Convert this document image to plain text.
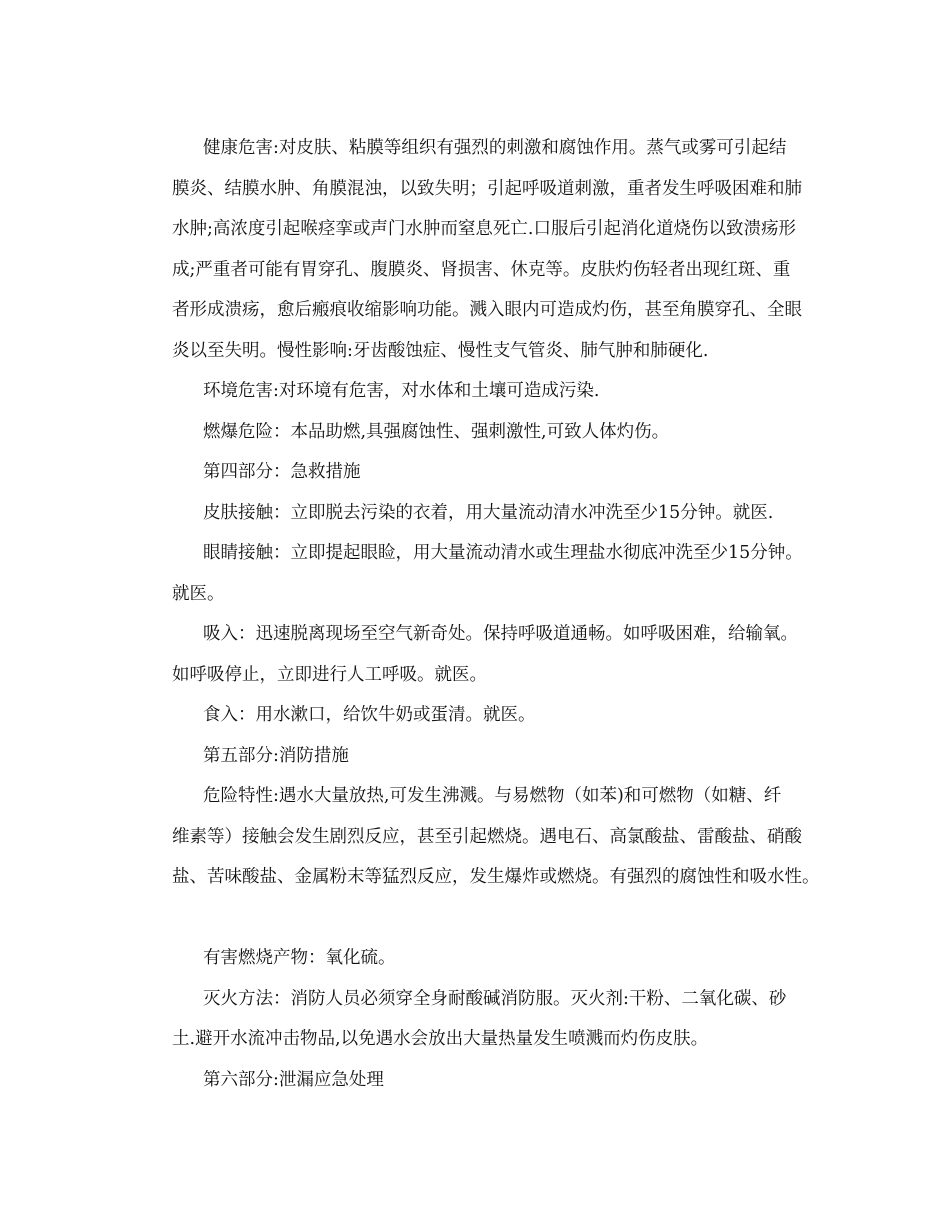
健康危害:对皮肤、粘膜等组织有强烈的刺激和腐蚀作用。蒸气或雾可引起结
膜炎、结膜水肿、角膜混浊，以致失明；引起呼吸道刺激，重者发生呼吸困难和肺
水肿;高浓度引起喉痉挛或声门水肿而窒息死亡.口服后引起消化道烧伤以致溃疡形
成;严重者可能有胃穿孔、腹膜炎、肾损害、休克等。皮肤灼伤轻者出现红斑、重
者形成溃疡，愈后瘢痕收缩影响功能。溅入眼内可造成灼伤，甚至角膜穿孔、全眼
炎以至失明。慢性影响:牙齿酸蚀症、慢性支气管炎、肺气肿和肺硬化.
环境危害:对环境有危害，对水体和土壤可造成污染.
燃爆危险：本品助燃,具强腐蚀性、强刺激性,可致人体灼伤。
第四部分：急救措施
皮肤接触：立即脱去污染的衣着，用大量流动清水冲洗至少15分钟。就医.
眼睛接触：立即提起眼睑，用大量流动清水或生理盐水彻底冲洗至少15分钟。
就医。
吸入：迅速脱离现场至空气新奇处。保持呼吸道通畅。如呼吸困难，给输氧。
如呼吸停止，立即进行人工呼吸。就医。
食入：用水漱口，给饮牛奶或蛋清。就医。
第五部分:消防措施
危险特性:遇水大量放热,可发生沸溅。与易燃物（如苯)和可燃物（如糖、纤
维素等）接触会发生剧烈反应，甚至引起燃烧。遇电石、高氯酸盐、雷酸盐、硝酸
盐、苦味酸盐、金属粉末等猛烈反应，发生爆炸或燃烧。有强烈的腐蚀性和吸水性。
有害燃烧产物：氧化硫。
灭火方法：消防人员必须穿全身耐酸碱消防服。灭火剂:干粉、二氧化碳、砂
土.避开水流冲击物品,以免遇水会放出大量热量发生喷溅而灼伤皮肤。
第六部分:泄漏应急处理
